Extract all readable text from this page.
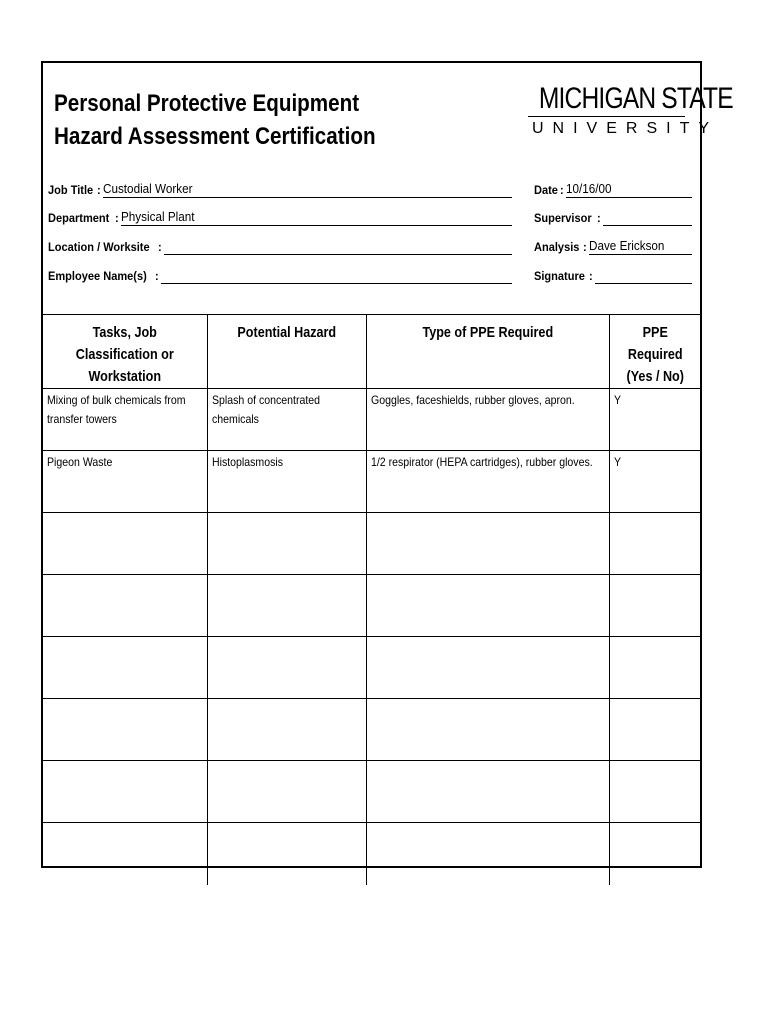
Personal Protective Equipment
Hazard Assessment Certification
MICHIGAN STATE
UNIVERSITY
Job Title : Custodial Worker
Department : Physical Plant
Location / Worksite :
Employee Name(s) :
Date : 10/16/00
Supervisor :
Analysis : Dave Erickson
Signature :
Tasks, Job Classification or Workstation	Potential Hazard	Type of PPE Required	PPE Required (Yes / No)
Mixing of bulk chemicals from transfer towers	Splash of concentrated chemicals	Goggles, faceshields, rubber gloves, apron.	Y
Pigeon Waste	Histoplasmosis	1/2 respirator (HEPA cartridges), rubber gloves.	Y
